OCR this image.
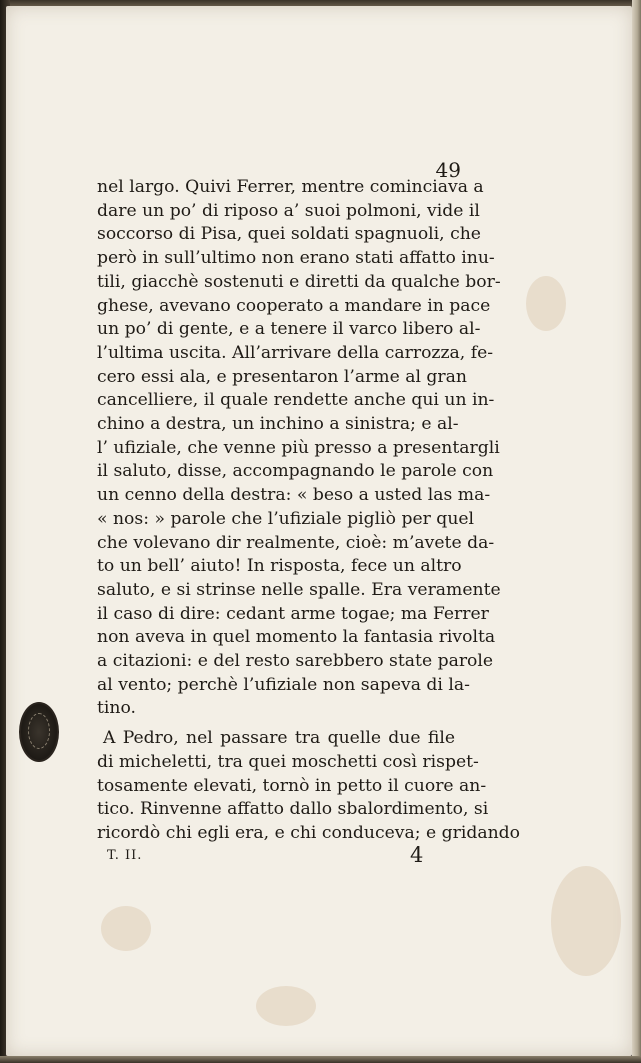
49
nel largo. Quivi Ferrer, mentre cominciava a
dare un po’ di riposo a’ suoi polmoni, vide il
soccorso di Pisa, quei soldati spagnuoli, che
però in sull’ultimo non erano stati affatto inu-
tili, giacchè sostenuti e diretti da qualche bor-
ghese, avevano cooperato a mandare in pace
un po’ di gente, e a tenere il varco libero al-
l’ultima uscita. All’arrivare della carrozza, fe-
cero essi ala, e presentaron l’arme al gran
cancelliere, il quale rendette anche qui un in-
chino a destra, un inchino a sinistra; e al-
l’ ufiziale, che venne più presso a presentargli
il saluto, disse, accompagnando le parole con
un cenno della destra: « beso a usted las ma-
« nos: » parole che l’ufiziale pigliò per quel
che volevano dir realmente, cioè: m’avete da-
to un bell’ aiuto! In risposta, fece un altro
saluto, e si strinse nelle spalle. Era veramente
il caso di dire: cedant arme togae; ma Ferrer
non aveva in quel momento la fantasia rivolta
a citazioni: e del resto sarebbero state parole
al vento; perchè l’ufiziale non sapeva di la-
tino.
A Pedro, nel passare tra quelle due file
di micheletti, tra quei moschetti così rispet-
tosamente elevati, tornò in petto il cuore an-
tico. Rinvenne affatto dallo sbalordimento, si
ricordò chi egli era, e chi conduceva; e gridando
T. II.	4
